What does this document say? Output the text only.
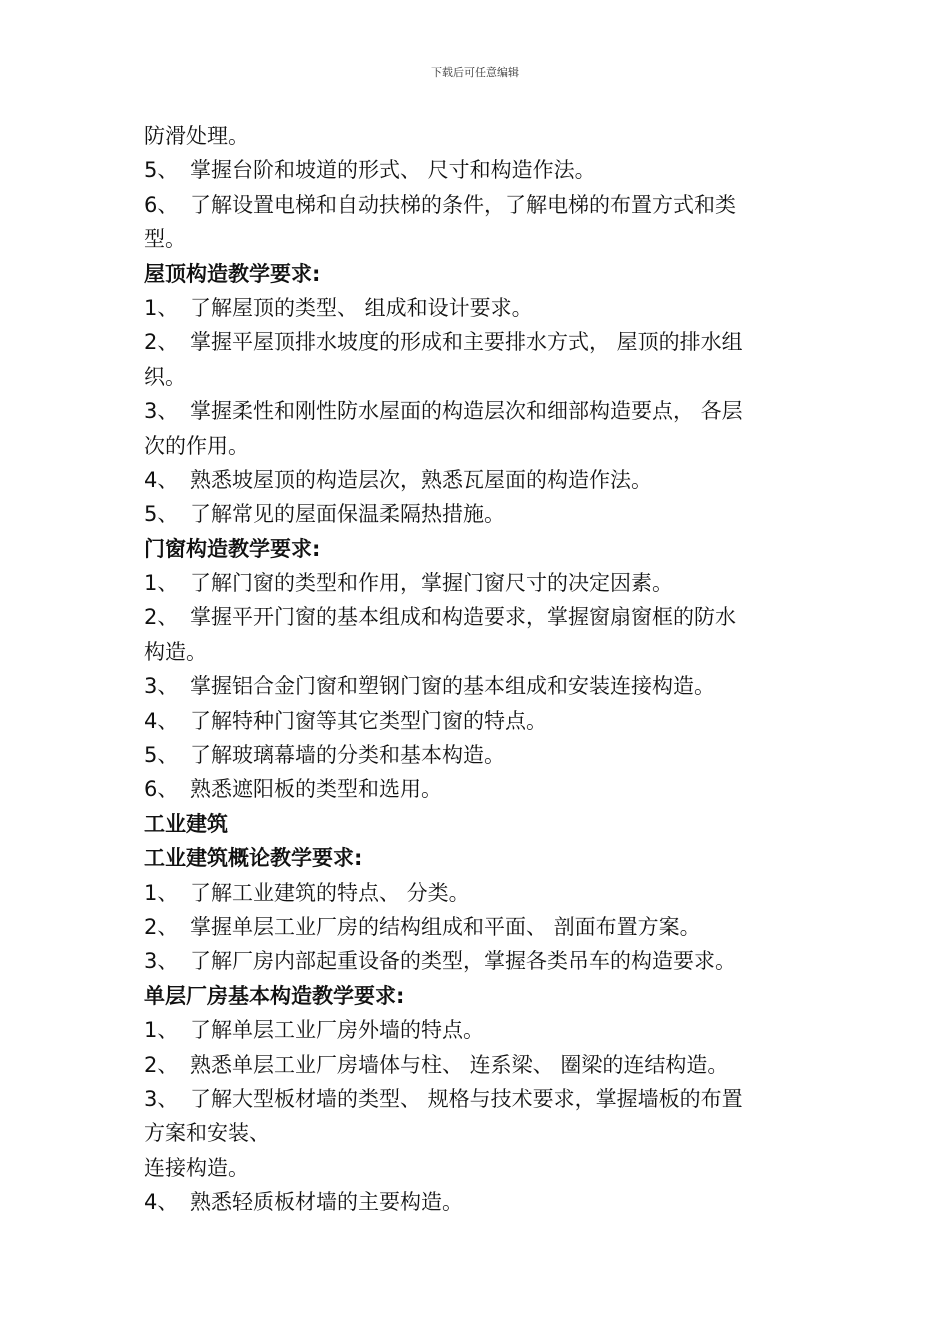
下载后可任意编辑
防滑处理。
5、 掌握台阶和坡道的形式、 尺寸和构造作法。
6、 了解设置电梯和自动扶梯的条件，了解电梯的布置方式和类
型。
屋顶构造教学要求:
1、 了解屋顶的类型、 组成和设计要求。
2、 掌握平屋顶排水坡度的形成和主要排水方式， 屋顶的排水组
织。
3、 掌握柔性和刚性防水屋面的构造层次和细部构造要点， 各层
次的作用。
4、 熟悉坡屋顶的构造层次，熟悉瓦屋面的构造作法。
5、 了解常见的屋面保温柔隔热措施。
门窗构造教学要求:
1、 了解门窗的类型和作用，掌握门窗尺寸的决定因素。
2、 掌握平开门窗的基本组成和构造要求，掌握窗扇窗框的防水
构造。
3、 掌握铝合金门窗和塑钢门窗的基本组成和安装连接构造。
4、 了解特种门窗等其它类型门窗的特点。
5、 了解玻璃幕墙的分类和基本构造。
6、 熟悉遮阳板的类型和选用。
工业建筑
工业建筑概论教学要求:
1、 了解工业建筑的特点、 分类。
2、 掌握单层工业厂房的结构组成和平面、 剖面布置方案。
3、 了解厂房内部起重设备的类型，掌握各类吊车的构造要求。
单层厂房基本构造教学要求:
1、 了解单层工业厂房外墙的特点。
2、 熟悉单层工业厂房墙体与柱、 连系梁、 圈梁的连结构造。
3、 了解大型板材墙的类型、 规格与技术要求，掌握墙板的布置
方案和安装、
连接构造。
4、 熟悉轻质板材墙的主要构造。
